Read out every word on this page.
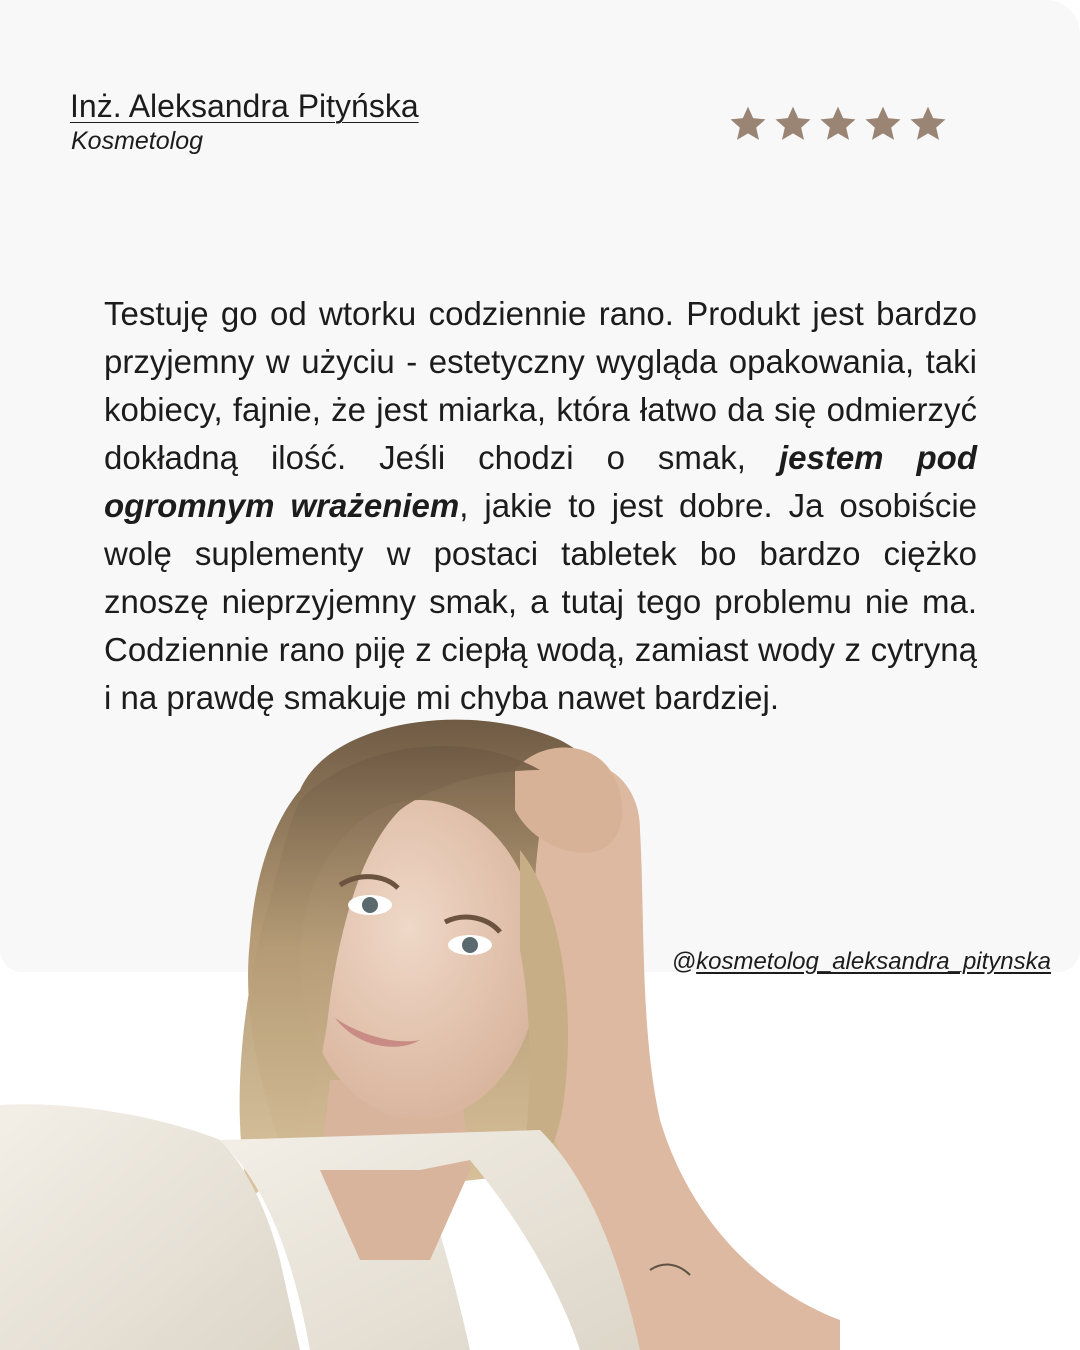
Inż. Aleksandra Pityńska
Kosmetolog

Testuję go od wtorku codziennie rano. Produkt jest bardzo przyjemny w użyciu - estetyczny wygląda opakowania, taki kobiecy, fajnie, że jest miarka, która łatwo da się odmierzyć dokładną ilość. Jeśli chodzi o smak, jestem pod ogromnym wrażeniem, jakie to jest dobre. Ja osobiście wolę suplementy w postaci tabletek bo bardzo ciężko znoszę nieprzyjemny smak, a tutaj tego problemu nie ma. Codziennie rano piję z ciepłą wodą, zamiast wody z cytryną i na prawdę smakuje mi chyba nawet bardziej.

@kosmetolog_aleksandra_pitynska
